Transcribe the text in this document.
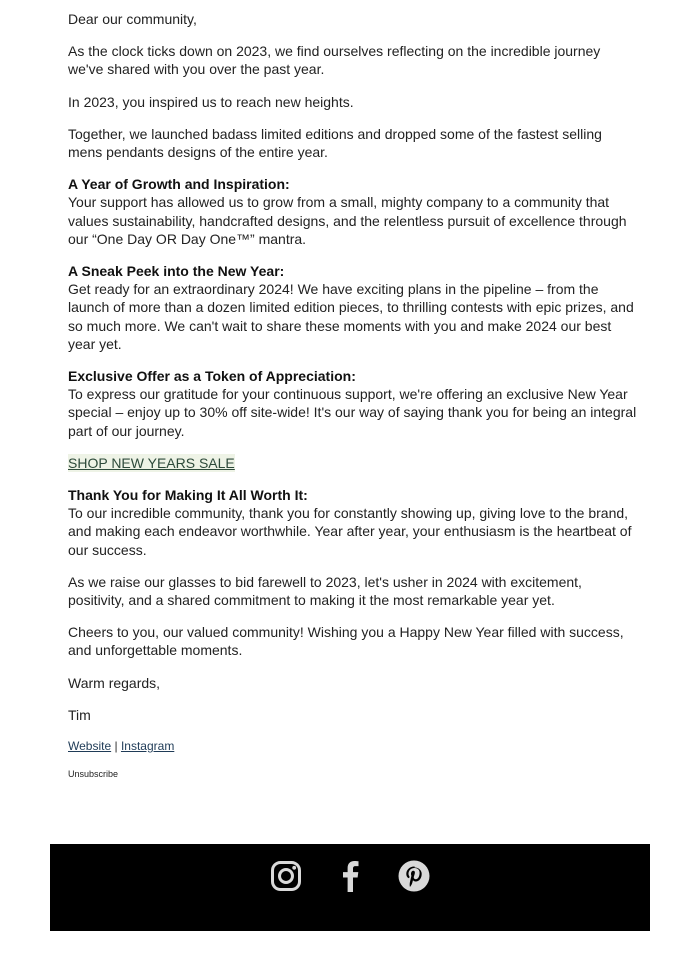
Dear our community,

As the clock ticks down on 2023, we find ourselves reflecting on the incredible journey we've shared with you over the past year.

In 2023, you inspired us to reach new heights.

Together, we launched badass limited editions and dropped some of the fastest selling mens pendants designs of the entire year.

A Year of Growth and Inspiration:
Your support has allowed us to grow from a small, mighty company to a community that values sustainability, handcrafted designs, and the relentless pursuit of excellence through our “One Day OR Day One™” mantra.

A Sneak Peek into the New Year:
Get ready for an extraordinary 2024! We have exciting plans in the pipeline – from the launch of more than a dozen limited edition pieces, to thrilling contests with epic prizes, and so much more. We can't wait to share these moments with you and make 2024 our best year yet.

Exclusive Offer as a Token of Appreciation:
To express our gratitude for your continuous support, we're offering an exclusive New Year special – enjoy up to 30% off site-wide! It's our way of saying thank you for being an integral part of our journey.

SHOP NEW YEARS SALE

Thank You for Making It All Worth It:
To our incredible community, thank you for constantly showing up, giving love to the brand, and making each endeavor worthwhile. Year after year, your enthusiasm is the heartbeat of our success.

As we raise our glasses to bid farewell to 2023, let's usher in 2024 with excitement, positivity, and a shared commitment to making it the most remarkable year yet.

Cheers to you, our valued community! Wishing you a Happy New Year filled with success, and unforgettable moments.

Warm regards,

Tim

Website | Instagram

Unsubscribe
